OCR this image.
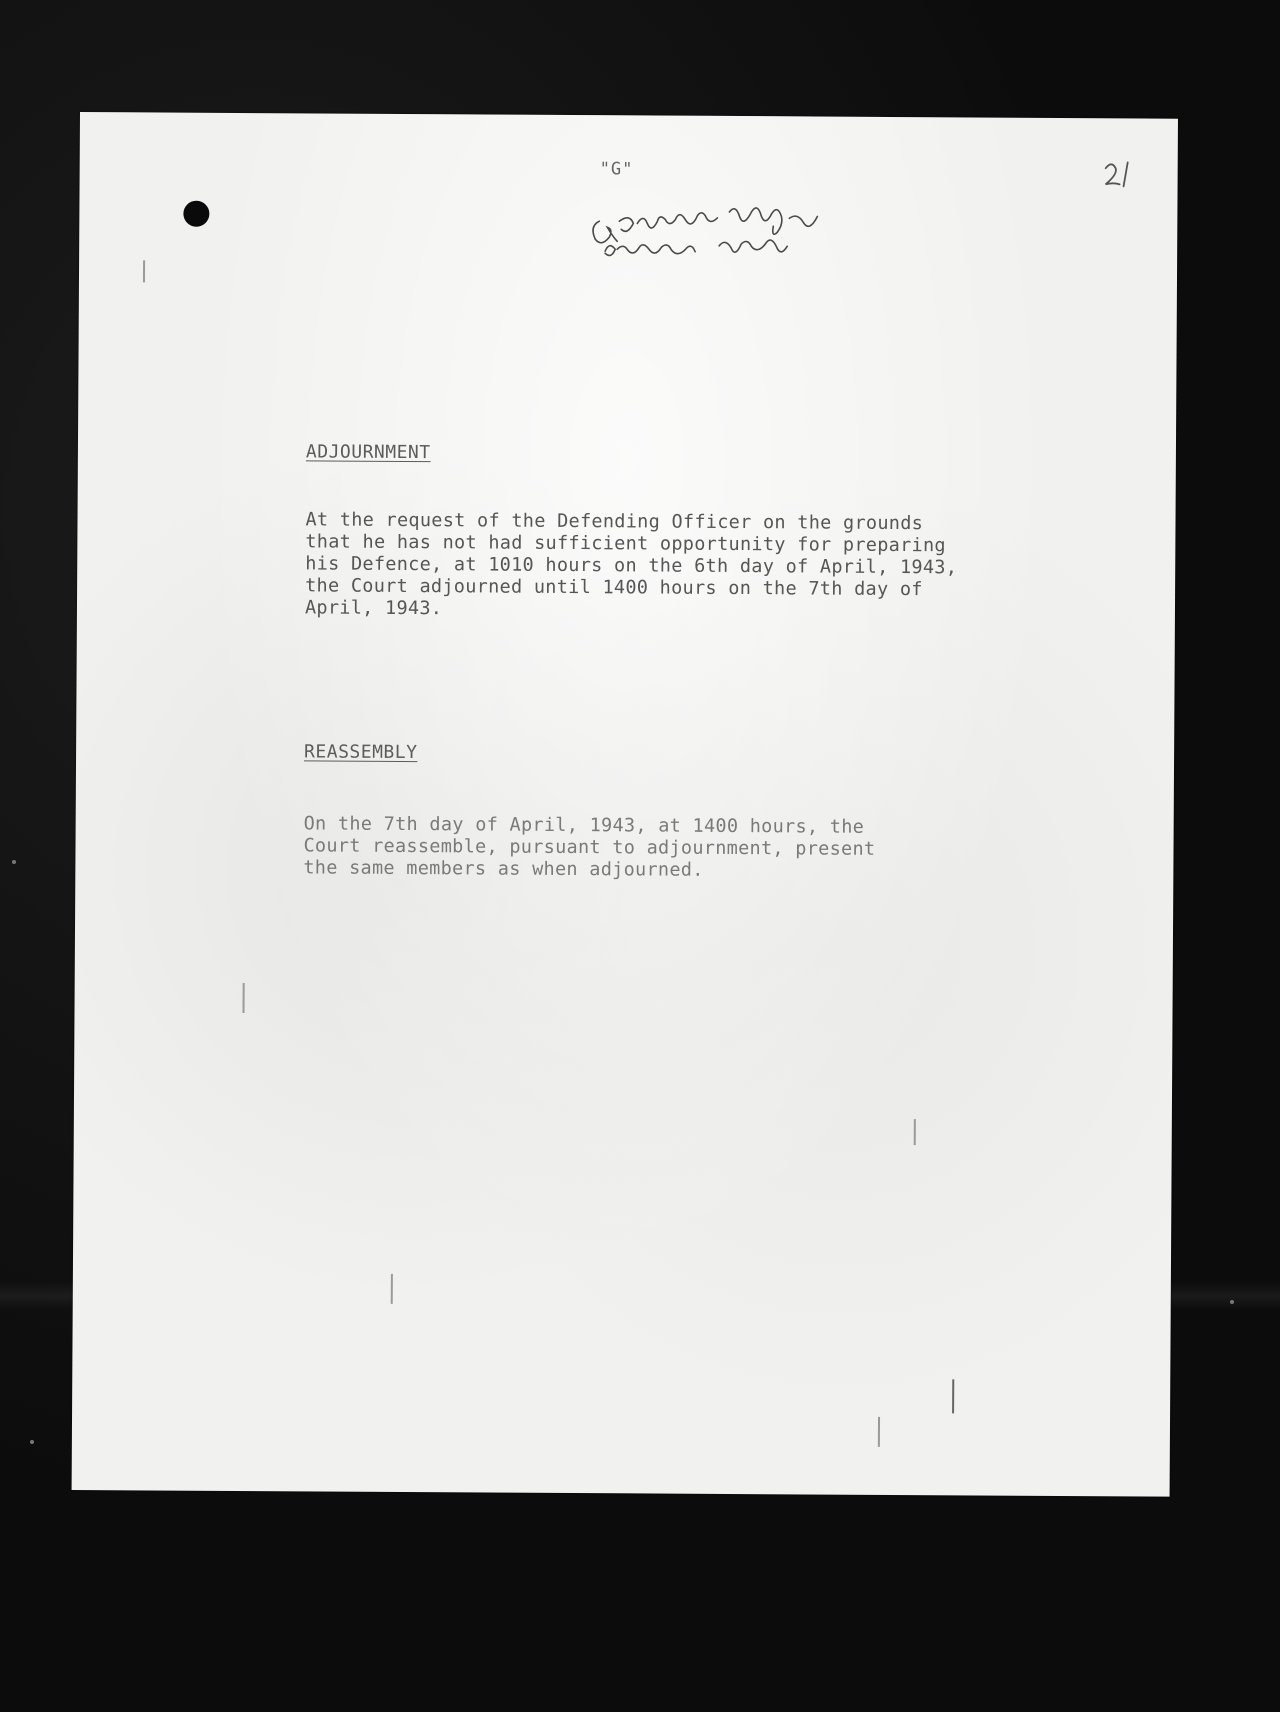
"G"
ADJOURNMENT
At the request of the Defending Officer on the grounds
that he has not had sufficient opportunity for preparing
his Defence, at 1010 hours on the 6th day of April, 1943,
the Court adjourned until 1400 hours on the 7th day of
April, 1943.
REASSEMBLY
On the 7th day of April, 1943, at 1400 hours, the
Court reassemble, pursuant to adjournment, present
the same members as when adjourned.
